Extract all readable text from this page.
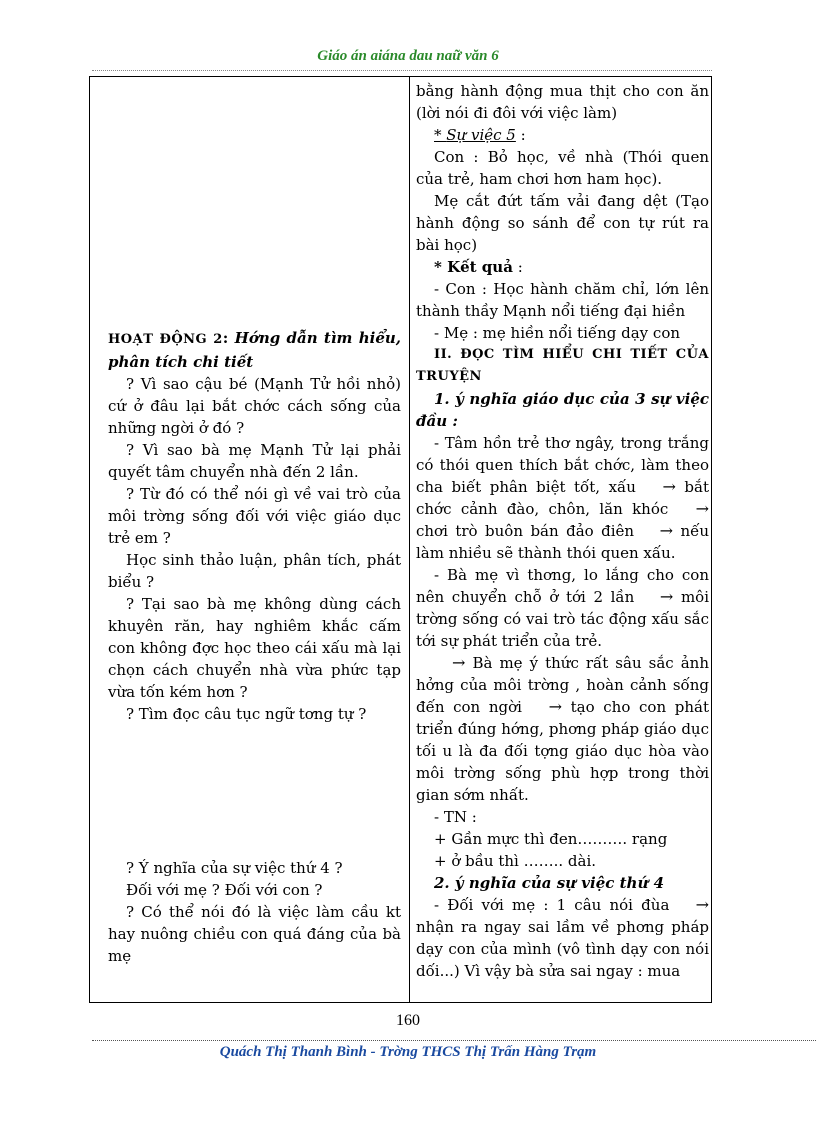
Giáo án aiána dau naữ văn 6

HOẠT ĐỘNG 2: Hớng dẫn tìm hiểu, phân tích chi tiết

? Vì sao cậu bé (Mạnh Tử hồi nhỏ) cứ ở đâu lại bắt chớc cách sống của những ngời ở đó ?

? Vì sao bà mẹ Mạnh Tử lại phải quyết tâm chuyển nhà đến 2 lần.

? Từ đó có thể nói gì về vai trò của môi trờng sống đối với việc giáo dục trẻ em ?

Học sinh thảo luận, phân tích, phát biểu ?

? Tại sao bà mẹ không dùng cách khuyên răn, hay nghiêm khắc cấm con không đợc học theo cái xấu mà lại chọn cách chuyển nhà vừa phức tạp vừa tốn kém hơn ?

? Tìm đọc câu tục ngữ tơng tự ?

? Ý nghĩa của sự việc thứ 4 ?

Đối với mẹ ? Đối với con ?

? Có thể nói đó là việc làm cầu kt hay nuông chiều con quá đáng của bà mẹ

bằng hành động mua thịt cho con ăn (lời nói đi đôi với việc làm)

* Sự việc 5 :

Con : Bỏ học, về nhà (Thói quen của trẻ, ham chơi hơn ham học).

Mẹ cắt đứt tấm vải đang dệt (Tạo hành động so sánh để con tự rút ra bài học)

* Kết quả :

- Con : Học hành chăm chỉ, lớn lên thành thầy Mạnh nổi tiếng đại hiền

- Mẹ : mẹ hiền nổi tiếng dạy con

II. ĐỌC TÌM HIỂU CHI TIẾT CỦA TRUYỆN

1. ý nghĩa giáo dục của 3 sự việc đầu :

- Tâm hồn trẻ thơ ngây, trong trắng có thói quen thích bắt chớc, làm theo cha biết phân biệt tốt, xấu → bắt chớc cảnh đào, chôn, lăn khóc → chơi trò buôn bán đảo điên → nếu làm nhiều sẽ thành thói quen xấu.

- Bà mẹ vì thơng, lo lắng cho con nên chuyển chỗ ở tới 2 lần → môi trờng sống có vai trò tác động xấu sắc tới sự phát triển của trẻ.

→ Bà mẹ ý thức rất sâu sắc ảnh hởng của môi trờng , hoàn cảnh sống đến con ngời → tạo cho con phát triển đúng hớng, phơng pháp giáo dục tối u là đa đối tợng giáo dục hòa vào môi trờng sống phù hợp trong thời gian sớm nhất.

- TN :

+ Gần mực thì đen………. rạng

+ ở bầu thì …….. dài.

2. ý nghĩa của sự việc thứ 4

- Đối với mẹ : 1 câu nói đùa → nhận ra ngay sai lầm về phơng pháp dạy con của mình (vô tình dạy con nói dối...) Vì vậy bà sửa sai ngay : mua

160
Quách Thị Thanh Bình - Trờng THCS Thị Trấn Hàng Trạm
